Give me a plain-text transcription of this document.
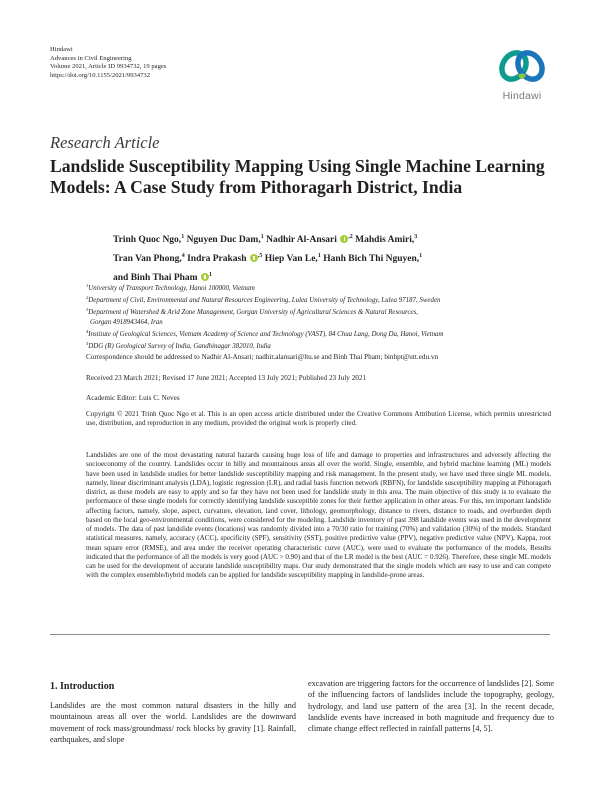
Hindawi
Advances in Civil Engineering
Volume 2021, Article ID 9934732, 19 pages
https://doi.org/10.1155/2021/9934732
Hindawi
Research Article
Landslide Susceptibility Mapping Using Single Machine Learning
Models: A Case Study from Pithoragarh District, India
Trinh Quoc Ngo,$^1$ Nguyen Duc Dam,$^1$ Nadhir Al-Ansari $^{,2}$ Mahdis Amiri,$^3$
Tran Van Phong,$^4$ Indra Prakash $^{,5}$ Hiep Van Le,$^1$ Hanh Bich Thi Nguyen,$^1$
and Binh Thai Pham $^1$
$^1$University of Transport Technology, Hanoi 100000, Vietnam
$^2$Department of Civil, Environmental and Natural Resources Engineering, Lulea University of Technology, Lulea 97187, Sweden
$^3$Department of Watershed & Arid Zone Management, Gorgan University of Agricultural Sciences & Natural Resources,
Gorgan 4918943464, Iran
$^4$Institute of Geological Sciences, Vietnam Academy of Science and Technology (VAST), 84 Chua Lang, Dong Da, Hanoi, Vietnam
$^5$DDG (R) Geological Survey of India, Gandhinagar 382010, India
Correspondence should be addressed to Nadhir Al-Ansari; nadhir.alansari@ltu.se and Binh Thai Pham; binhpt@utt.edu.vn
Received 23 March 2021; Revised 17 June 2021; Accepted 13 July 2021; Published 23 July 2021
Academic Editor: Luis C. Neves
Copyright © 2021 Trinh Quoc Ngo et al. This is an open access article distributed under the Creative Commons Attribution License, which permits unrestricted use, distribution, and reproduction in any medium, provided the original work is properly cited.
Landslides are one of the most devastating natural hazards causing huge loss of life and damage to properties and infrastructures and adversely affecting the socioeconomy of the country. Landslides occur in hilly and mountainous areas all over the world. Single, ensemble, and hybrid machine learning (ML) models have been used in landslide studies for better landslide susceptibility mapping and risk management. In the present study, we have used three single ML models, namely, linear discriminant analysis (LDA), logistic regression (LR), and radial basis function network (RBFN), for landslide susceptibility mapping at Pithoragarh district, as these models are easy to apply and so far they have not been used for landslide study in this area. The main objective of this study is to evaluate the performance of these single models for correctly identifying landslide susceptible zones for their further application in other areas. For this, ten important landslide affecting factors, namely, slope, aspect, curvature, elevation, land cover, lithology, geomorphology, distance to rivers, distance to roads, and overburden depth based on the local geo-environmental conditions, were considered for the modeling. Landslide inventory of past 398 landslide events was used in the development of models. The data of past landslide events (locations) was randomly divided into a 70/30 ratio for training (70%) and validation (30%) of the models. Standard statistical measures, namely, accuracy (ACC), specificity (SPF), sensitivity (SST), positive predictive value (PPV), negative predictive value (NPV), Kappa, root mean square error (RMSE), and area under the receiver operating characteristic curve (AUC), were used to evaluate the performance of the models. Results indicated that the performance of all the models is very good (AUC > 0.90) and that of the LR model is the best (AUC = 0.926). Therefore, these single ML models can be used for the development of accurate landslide susceptibility maps. Our study demonstrated that the single models which are easy to use and can compete with the complex ensemble/hybrid models can be applied for landslide susceptibility mapping in landslide-prone areas.
1. Introduction
Landslides are the most common natural disasters in the hilly and mountainous areas all over the world. Landslides are the downward movement of rock mass/groundmass/ rock blocks by gravity [1]. Rainfall, earthquakes, and slope
excavation are triggering factors for the occurrence of landslides [2]. Some of the influencing factors of landslides include the topography, geology, hydrology, and land use pattern of the area [3]. In the recent decade, landslide events have increased in both magnitude and frequency due to climate change effect reflected in rainfall patterns [4, 5].
